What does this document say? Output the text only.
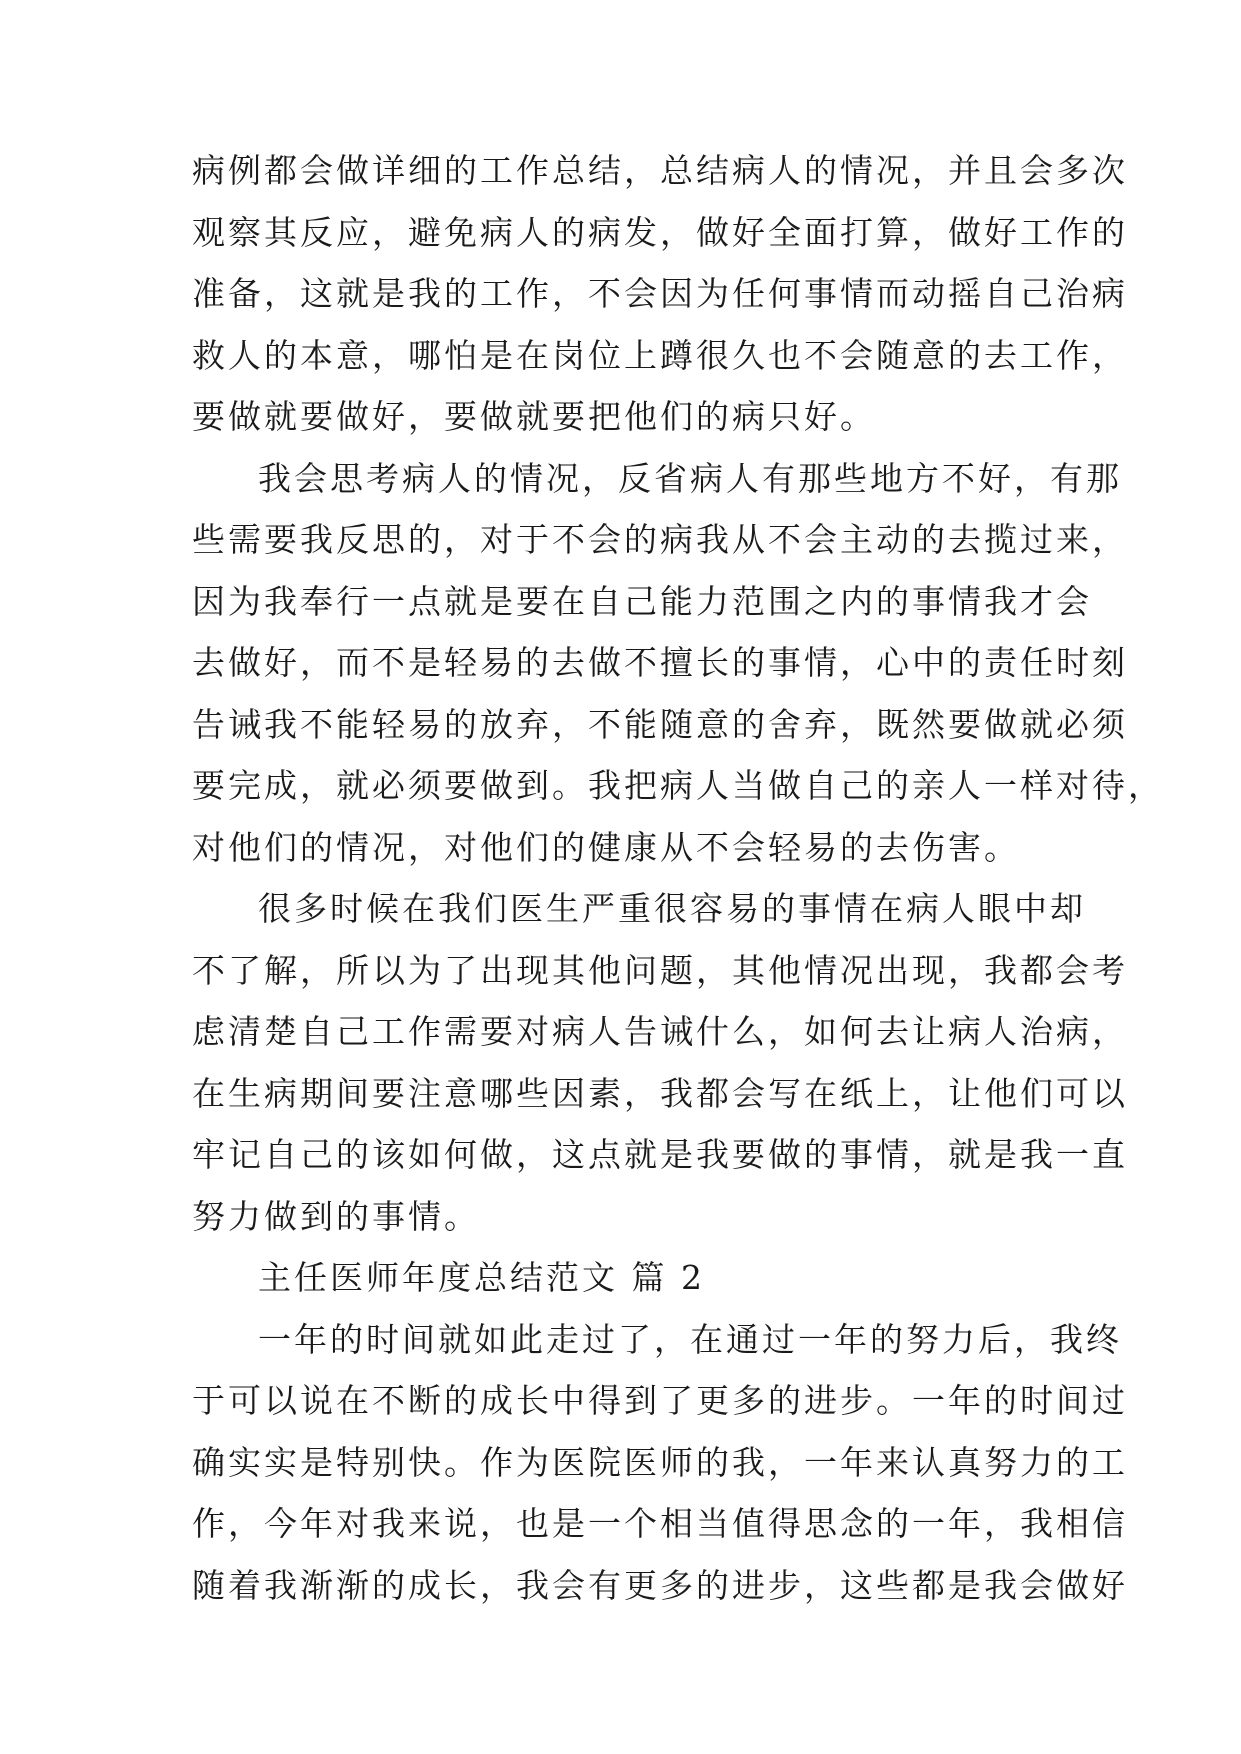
病例都会做详细的工作总结，总结病人的情况，并且会多次
观察其反应，避免病人的病发，做好全面打算，做好工作的
准备，这就是我的工作，不会因为任何事情而动摇自己治病
救人的本意，哪怕是在岗位上蹲很久也不会随意的去工作，
要做就要做好，要做就要把他们的病只好。
我会思考病人的情况，反省病人有那些地方不好，有那
些需要我反思的，对于不会的病我从不会主动的去揽过来，
因为我奉行一点就是要在自己能力范围之内的事情我才会
去做好，而不是轻易的去做不擅长的事情，心中的责任时刻
告诫我不能轻易的放弃，不能随意的舍弃，既然要做就必须
要完成，就必须要做到。我把病人当做自己的亲人一样对待，
对他们的情况，对他们的健康从不会轻易的去伤害。
很多时候在我们医生严重很容易的事情在病人眼中却
不了解，所以为了出现其他问题，其他情况出现，我都会考
虑清楚自己工作需要对病人告诫什么，如何去让病人治病，
在生病期间要注意哪些因素，我都会写在纸上，让他们可以
牢记自己的该如何做，这点就是我要做的事情，就是我一直
努力做到的事情。
主任医师年度总结范文 篇 2
一年的时间就如此走过了，在通过一年的努力后，我终
于可以说在不断的成长中得到了更多的进步。一年的时间过
确实实是特别快。作为医院医师的我，一年来认真努力的工
作，今年对我来说，也是一个相当值得思念的一年，我相信
随着我渐渐的成长，我会有更多的进步，这些都是我会做好
